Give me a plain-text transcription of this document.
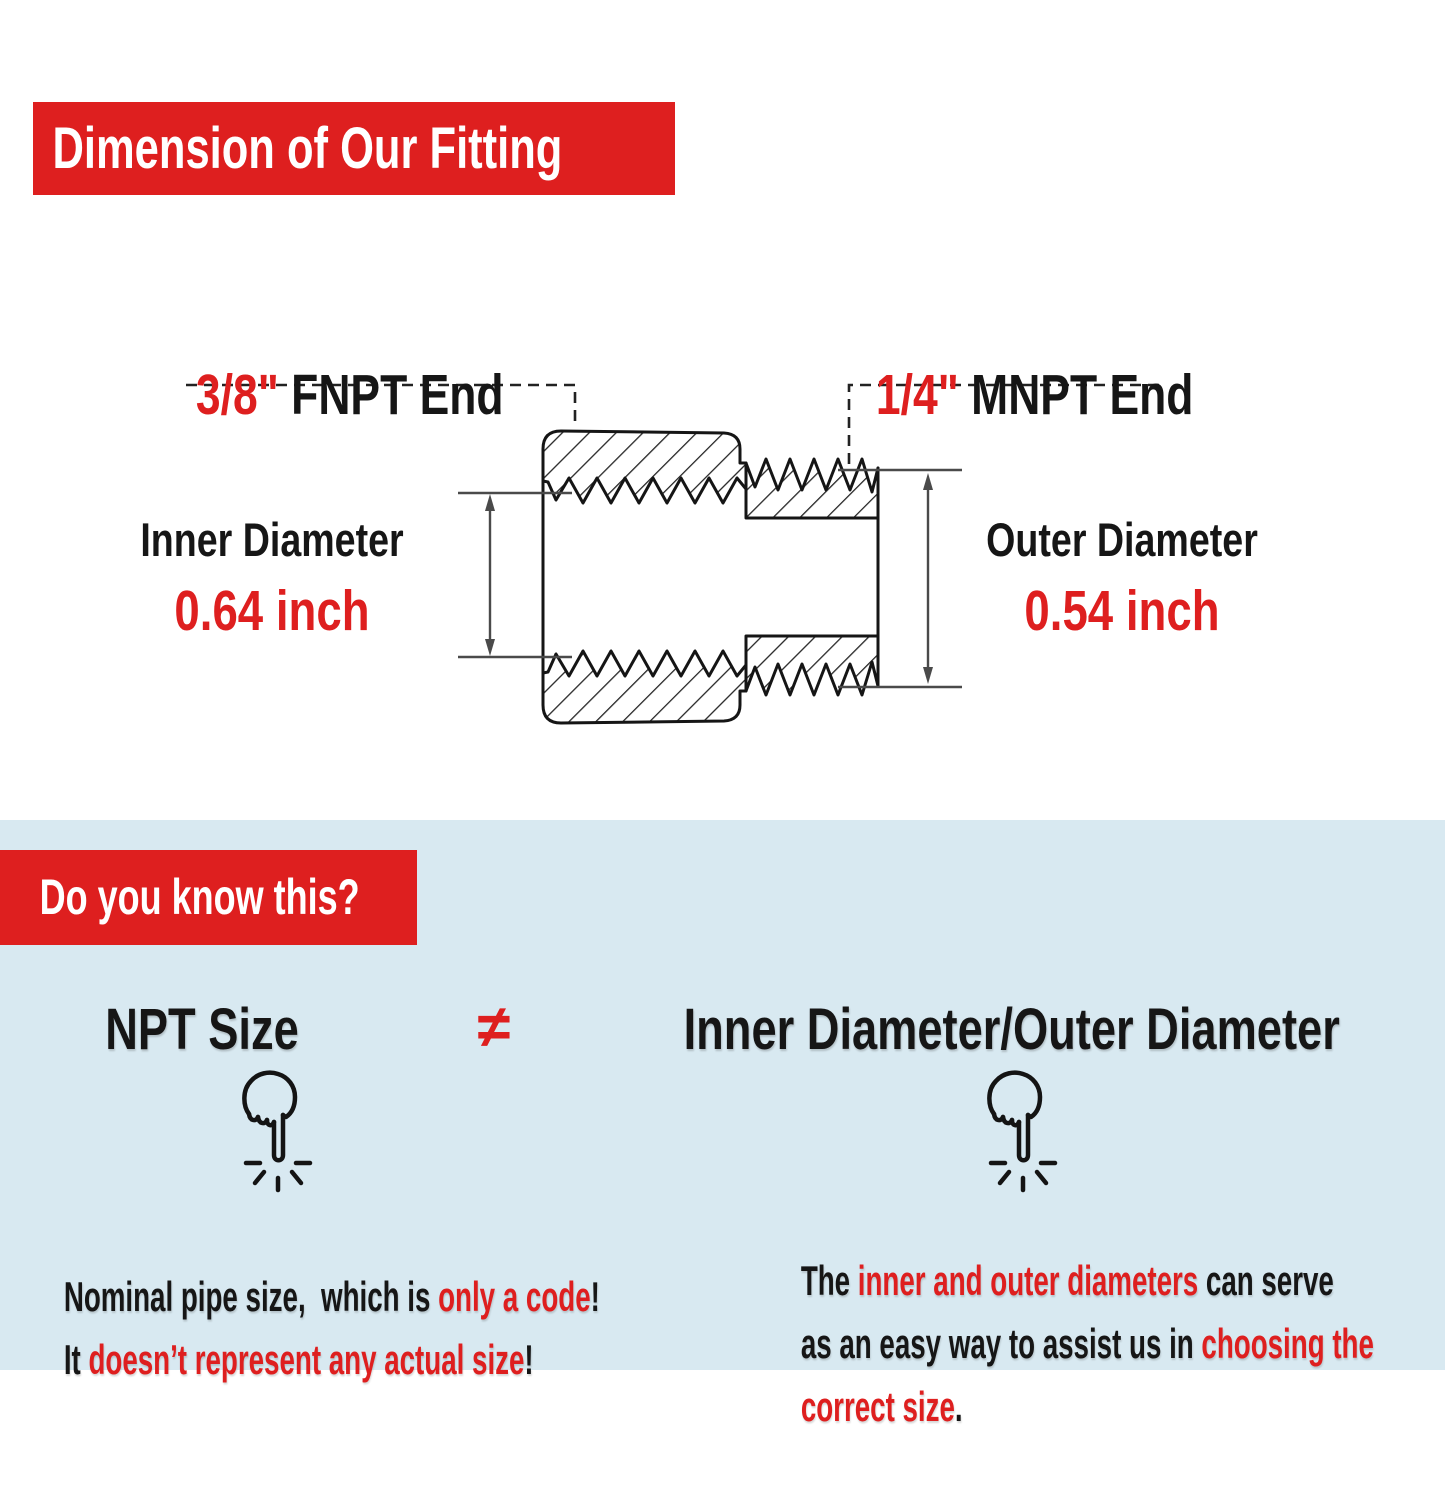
Dimension of Our Fitting

3/8" FNPT End	1/4" MNPT End

Inner Diameter
0.64 inch
Outer Diameter
0.54 inch
Do you know this?
NPT Size	≠	Inner Diameter/Outer Diameter

Nominal pipe size,  which is only a code!

It doesn’t represent any actual size!

The inner and outer diameters can serve

as an easy way to assist us in choosing the

correct size.
